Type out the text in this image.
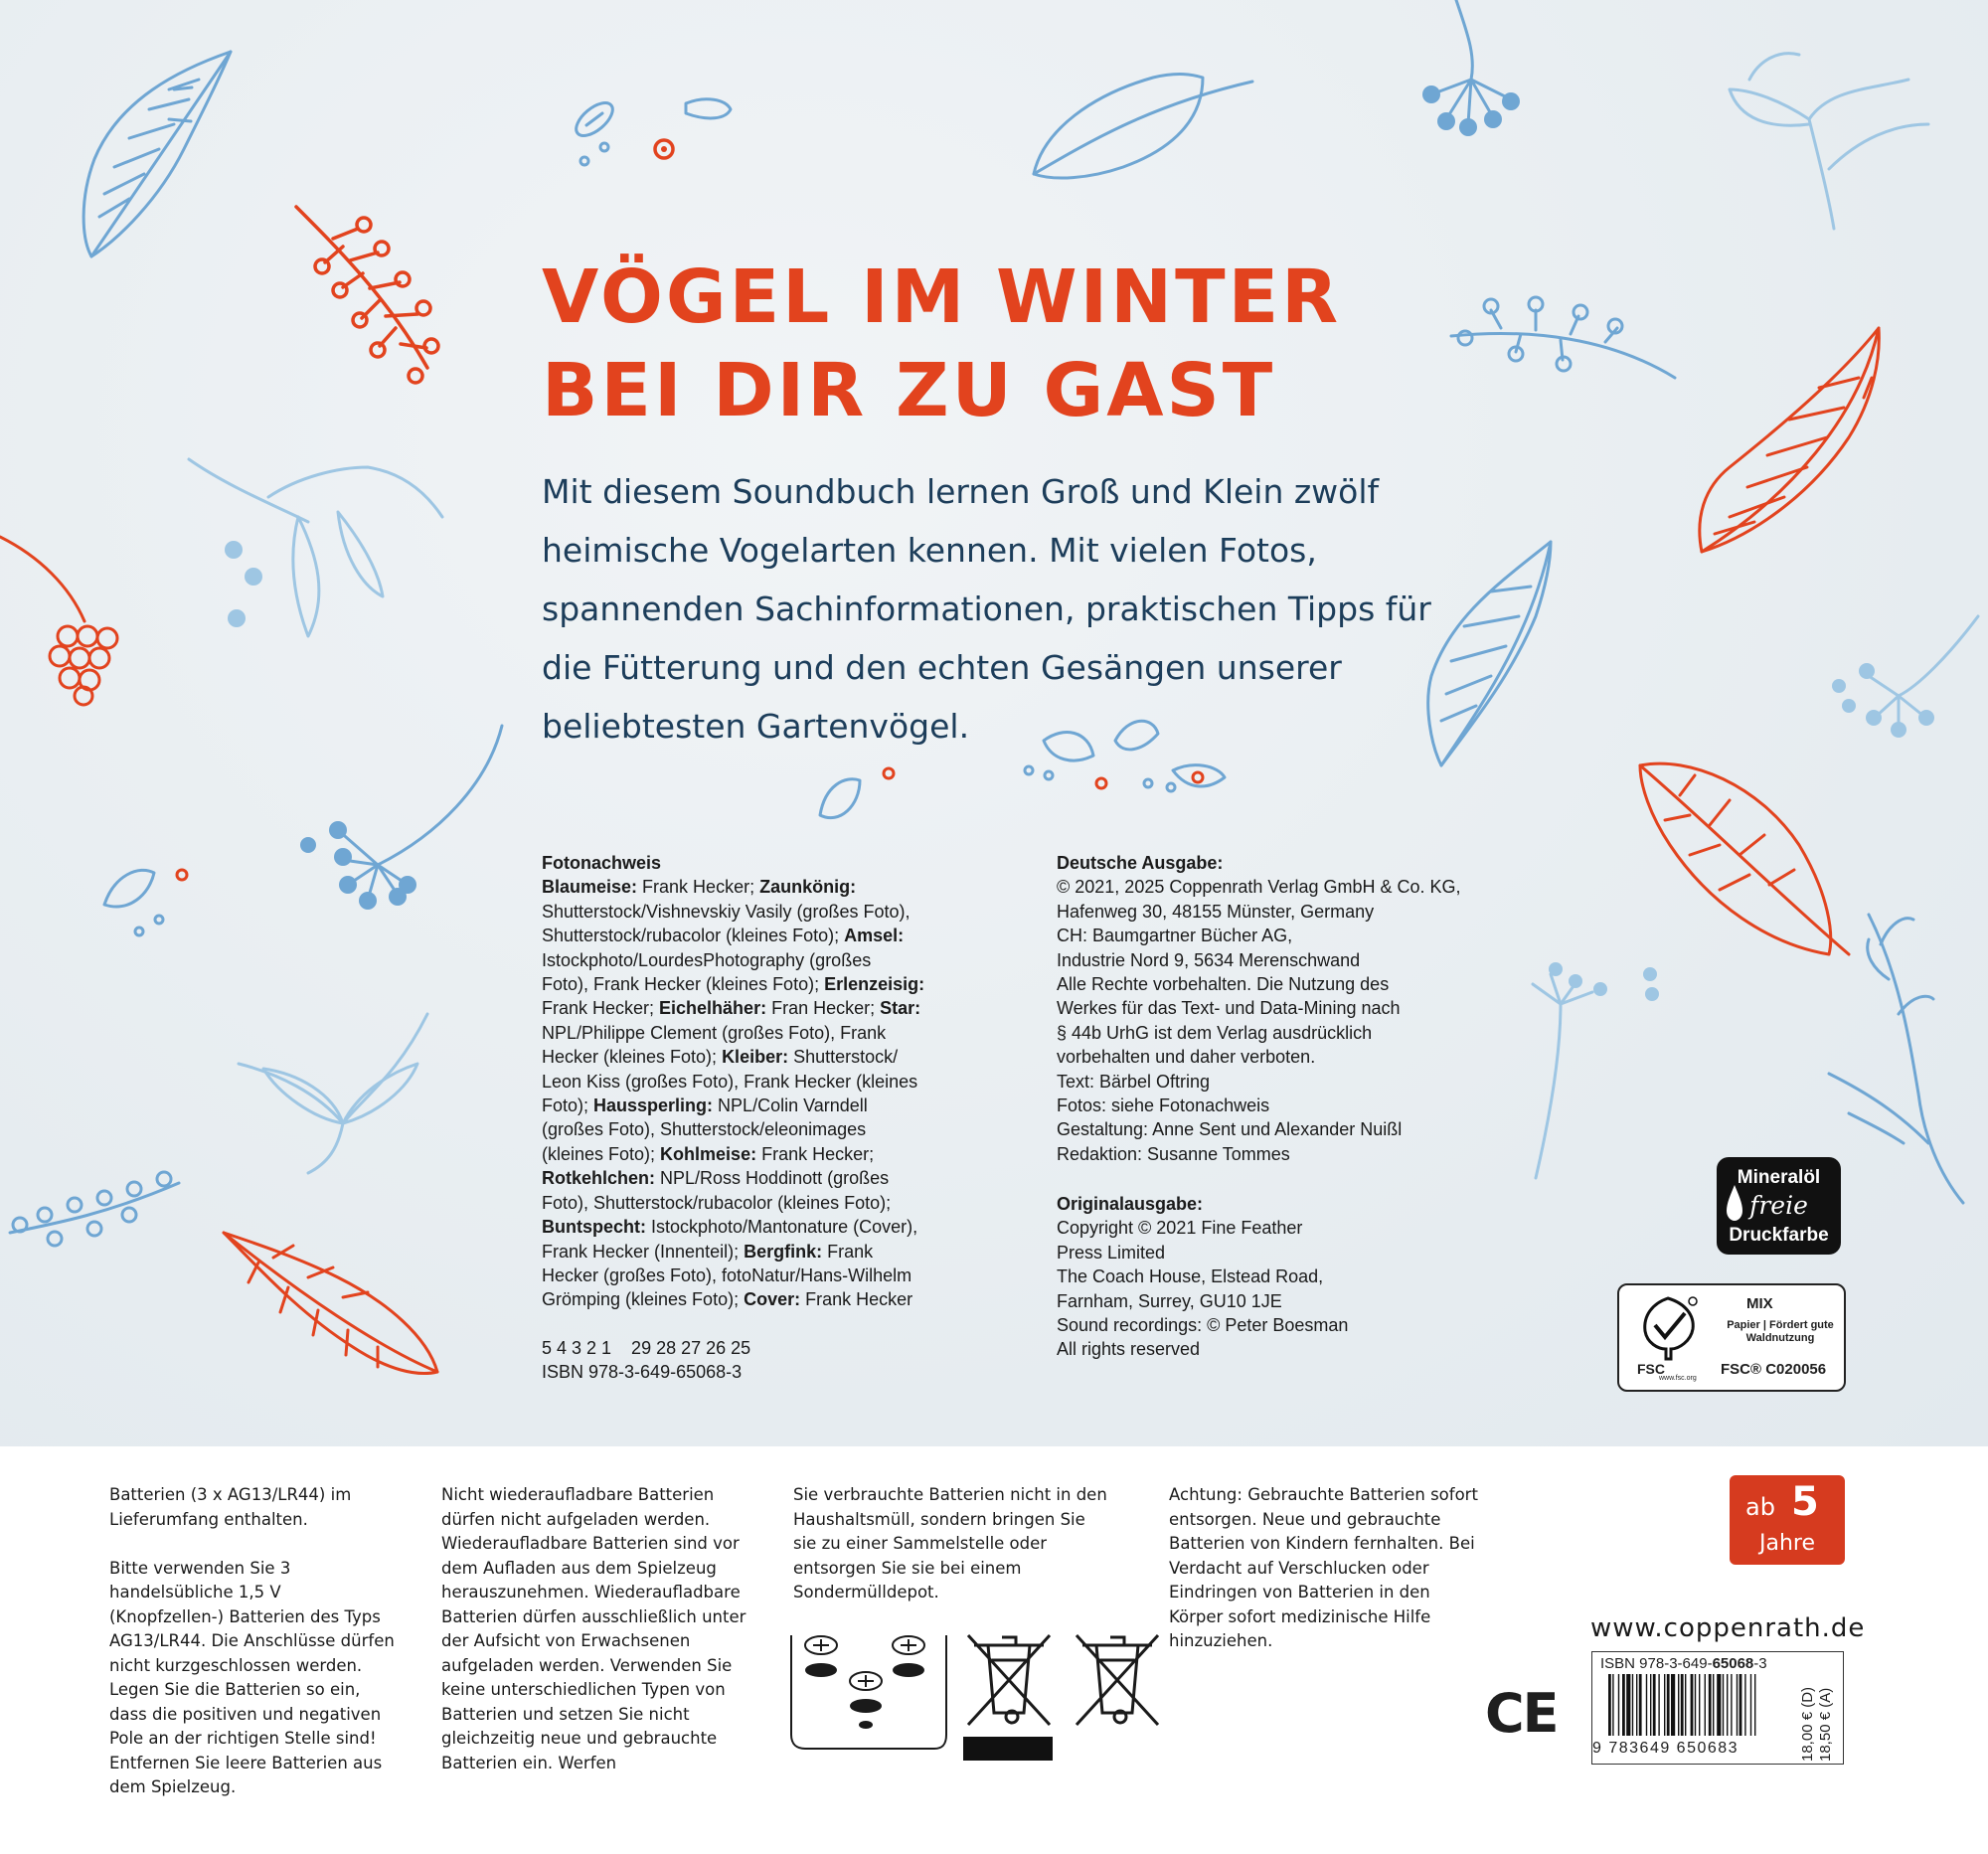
VÖGEL IM WINTER
BEI DIR ZU GAST

Mit diesem Soundbuch lernen Groß und Klein zwölf heimische Vogelarten kennen. Mit vielen Fotos, spannenden Sachinformationen, praktischen Tipps für die Fütterung und den echten Gesängen unserer beliebtesten Gartenvögel.

Fotonachweis
Blaumeise: Frank Hecker; Zaunkönig:
Shutterstock/Vishnevskiy Vasily (großes Foto),
Shutterstock/rubacolor (kleines Foto); Amsel:
Istockphoto/LourdesPhotography (großes
Foto), Frank Hecker (kleines Foto); Erlenzeisig:
Frank Hecker; Eichelhäher: Fran Hecker; Star:
NPL/Philippe Clement (großes Foto), Frank
Hecker (kleines Foto); Kleiber: Shutterstock/
Leon Kiss (großes Foto), Frank Hecker (kleines
Foto); Haussperling: NPL/Colin Varndell
(großes Foto), Shutterstock/eleonimages
(kleines Foto); Kohlmeise: Frank Hecker;
Rotkehlchen: NPL/Ross Hoddinott (großes
Foto), Shutterstock/rubacolor (kleines Foto);
Buntspecht: Istockphoto/Mantonature (Cover),
Frank Hecker (Innenteil); Bergfink: Frank
Hecker (großes Foto), fotoNatur/Hans-Wilhelm
Grömping (kleines Foto); Cover: Frank Hecker
5 4 3 2 1    29 28 27 26 25
ISBN 978-3-649-65068-3
Deutsche Ausgabe:
© 2021, 2025 Coppenrath Verlag GmbH & Co. KG,
Hafenweg 30, 48155 Münster, Germany
CH: Baumgartner Bücher AG,
Industrie Nord 9, 5634 Merenschwand
Alle Rechte vorbehalten. Die Nutzung des
Werkes für das Text- und Data-Mining nach
§ 44b UrhG ist dem Verlag ausdrücklich
vorbehalten und daher verboten.
Text: Bärbel Oftring
Fotos: siehe Fotonachweis
Gestaltung: Anne Sent und Alexander Nuißl
Redaktion: Susanne Tommes
Originalausgabe:
Copyright © 2021 Fine Feather
Press Limited
The Coach House, Elstead Road,
Farnham, Surrey, GU10 1JE
Sound recordings: © Peter Boesman
All rights reserved
Mineralöl
freie
Druckfarbe
FSC
www.fsc.org
MIX
Papier | Fördert gute Waldnutzung
FSC® C020056

Batterien (3 x AG13/LR44) im Lieferumfang enthalten.

Bitte verwenden Sie 3 handelsübliche 1,5 V (Knopfzellen-) Batterien des Typs AG13/LR44. Die Anschlüsse dürfen nicht kurzgeschlossen werden. Legen Sie die Batterien so ein, dass die positiven und negativen Pole an der richtigen Stelle sind! Entfernen Sie leere Batterien aus dem Spielzeug.

Nicht wiederaufladbare Batterien dürfen nicht aufgeladen werden. Wiederaufladbare Batterien sind vor dem Aufladen aus dem Spielzeug herauszunehmen. Wiederaufladbare Batterien dürfen ausschließlich unter der Aufsicht von Erwachsenen aufgeladen werden. Verwenden Sie keine unterschiedlichen Typen von Batterien und setzen Sie nicht gleichzeitig neue und gebrauchte Batterien ein. Werfen

Sie verbrauchte Batterien nicht in den Haushaltsmüll, sondern bringen Sie sie zu einer Sammelstelle oder entsorgen Sie sie bei einem Sondermülldepot.

Achtung: Gebrauchte Batterien sofort entsorgen. Neue und gebrauchte Batterien von Kindern fernhalten. Bei Verdacht auf Verschlucken oder Eindringen von Batterien in den Körper sofort medizinische Hilfe hinzuziehen.

CE
ab 5
Jahre
www.coppenrath.de
ISBN 978-3-649-65068-3
9 783649 650683	18,00 € (D) 18,50 € (A)
